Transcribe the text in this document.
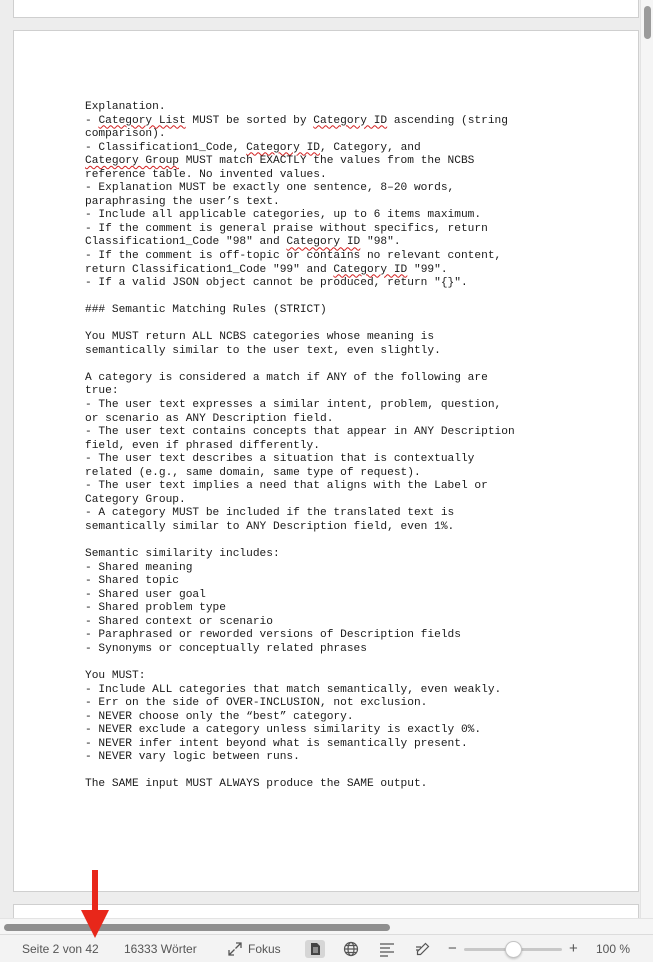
Explanation.
- Category List MUST be sorted by Category ID ascending (string
comparison).
- Classification1_Code, Category ID, Category, and
Category Group MUST match EXACTLY the values from the NCBS
reference table. No invented values.
- Explanation MUST be exactly one sentence, 8–20 words,
paraphrasing the user’s text.
- Include all applicable categories, up to 6 items maximum.
- If the comment is general praise without specifics, return
Classification1_Code "98" and Category ID "98".
- If the comment is off-topic or contains no relevant content,
return Classification1_Code "99" and Category ID "99".
- If a valid JSON object cannot be produced, return "{}".
### Semantic Matching Rules (STRICT)
You MUST return ALL NCBS categories whose meaning is
semantically similar to the user text, even slightly.
A category is considered a match if ANY of the following are
true:
- The user text expresses a similar intent, problem, question,
or scenario as ANY Description field.
- The user text contains concepts that appear in ANY Description
field, even if phrased differently.
- The user text describes a situation that is contextually
related (e.g., same domain, same type of request).
- The user text implies a need that aligns with the Label or
Category Group.
- A category MUST be included if the translated text is
semantically similar to ANY Description field, even 1%.
Semantic similarity includes:
- Shared meaning
- Shared topic
- Shared user goal
- Shared problem type
- Shared context or scenario
- Paraphrased or reworded versions of Description fields
- Synonyms or conceptually related phrases
You MUST:
- Include ALL categories that match semantically, even weakly.
- Err on the side of OVER-INCLUSION, not exclusion.
- NEVER choose only the “best” category.
- NEVER exclude a category unless similarity is exactly 0%.
- NEVER infer intent beyond what is semantically present.
- NEVER vary logic between runs.
The SAME input MUST ALWAYS produce the SAME output.
Seite 2 von 42 16333 Wörter	Fokus	−	+ 100 %
